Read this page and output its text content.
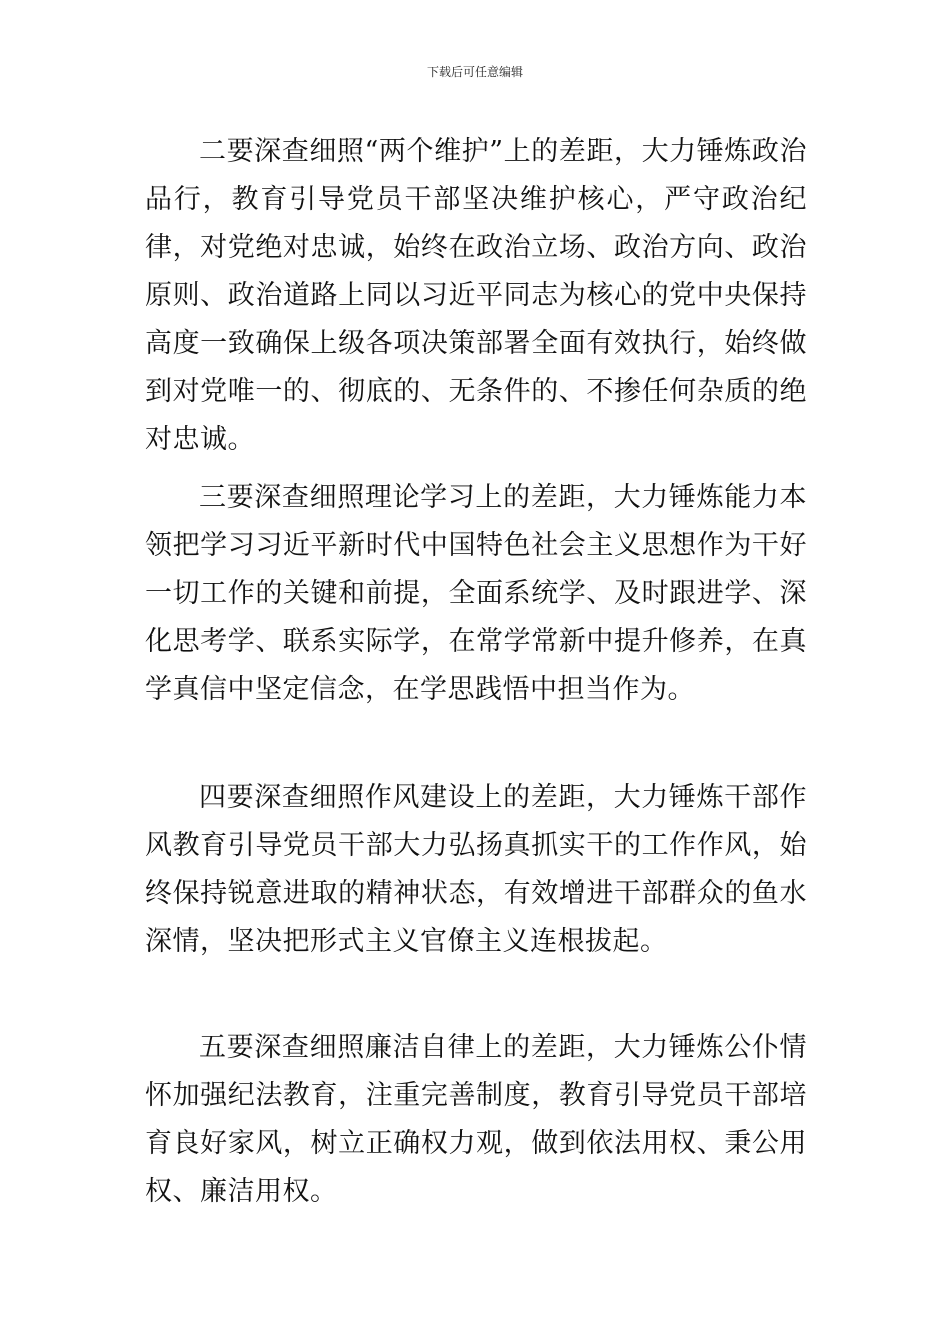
下载后可任意编辑

二要深查细照“两个维护”上的差距，大力锤炼政治品行，教育引导党员干部坚决维护核心，严守政治纪律，对党绝对忠诚，始终在政治立场、政治方向、政治原则、政治道路上同以习近平同志为核心的党中央保持高度一致确保上级各项决策部署全面有效执行，始终做到对党唯一的、彻底的、无条件的、不掺任何杂质的绝对忠诚。

三要深查细照理论学习上的差距，大力锤炼能力本领把学习习近平新时代中国特色社会主义思想作为干好一切工作的关键和前提，全面系统学、及时跟进学、深化思考学、联系实际学，在常学常新中提升修养，在真学真信中坚定信念，在学思践悟中担当作为。

四要深查细照作风建设上的差距，大力锤炼干部作风教育引导党员干部大力弘扬真抓实干的工作作风，始终保持锐意进取的精神状态，有效增进干部群众的鱼水深情，坚决把形式主义官僚主义连根拔起。

五要深查细照廉洁自律上的差距，大力锤炼公仆情怀加强纪法教育，注重完善制度，教育引导党员干部培育良好家风，树立正确权力观，做到依法用权、秉公用权、廉洁用权。
